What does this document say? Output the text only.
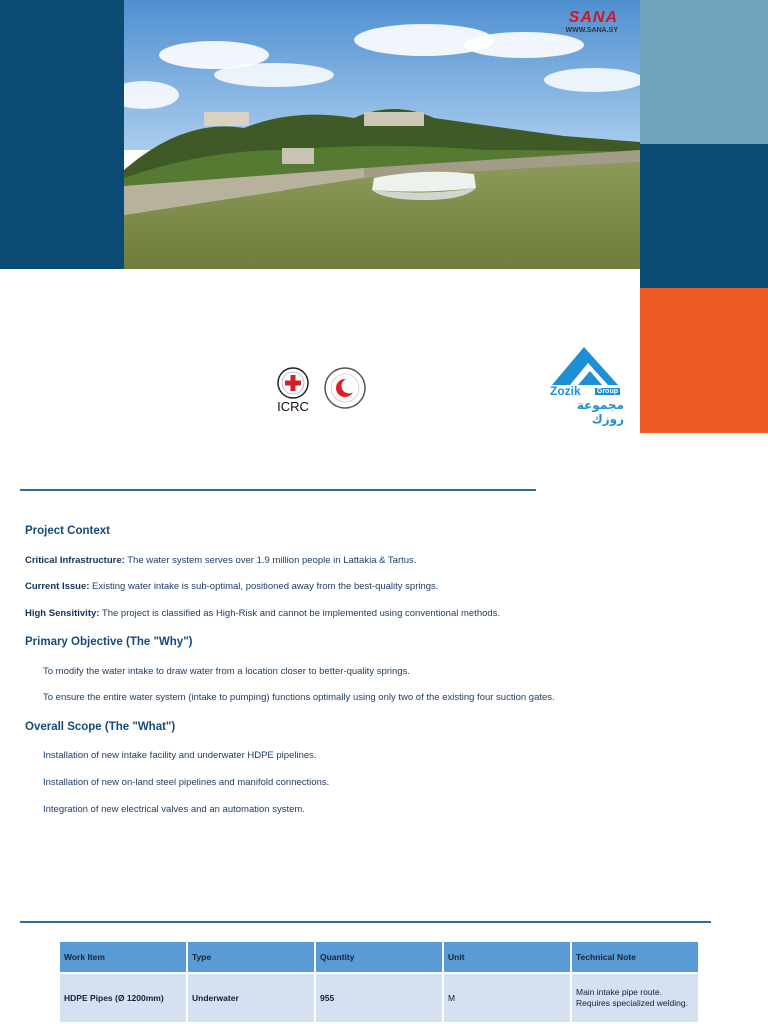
SANA
WWW.SANA.SY
ICRC
Zozik Group
مجموعة زوزك
Project Context
Critical Infrastructure: The water system serves over 1.9 million people in Lattakia & Tartus.
Current Issue: Existing water intake is sub-optimal, positioned away from the best-quality springs.
High Sensitivity: The project is classified as High-Risk and cannot be implemented using conventional methods.
Primary Objective (The "Why")
To modify the water intake to draw water from a location closer to better-quality springs.
To ensure the entire water system (intake to pumping) functions optimally using only two of the existing four suction gates.
Overall Scope (The "What")
Installation of new intake facility and underwater HDPE pipelines.
Installation of new on-land steel pipelines and manifold connections.
Integration of new electrical valves and an automation system.
Work Item	Type	Quantity	Unit	Technical Note
HDPE Pipes (Ø 1200mm)	Underwater	955	M	Main intake pipe route. Requires specialized welding.
